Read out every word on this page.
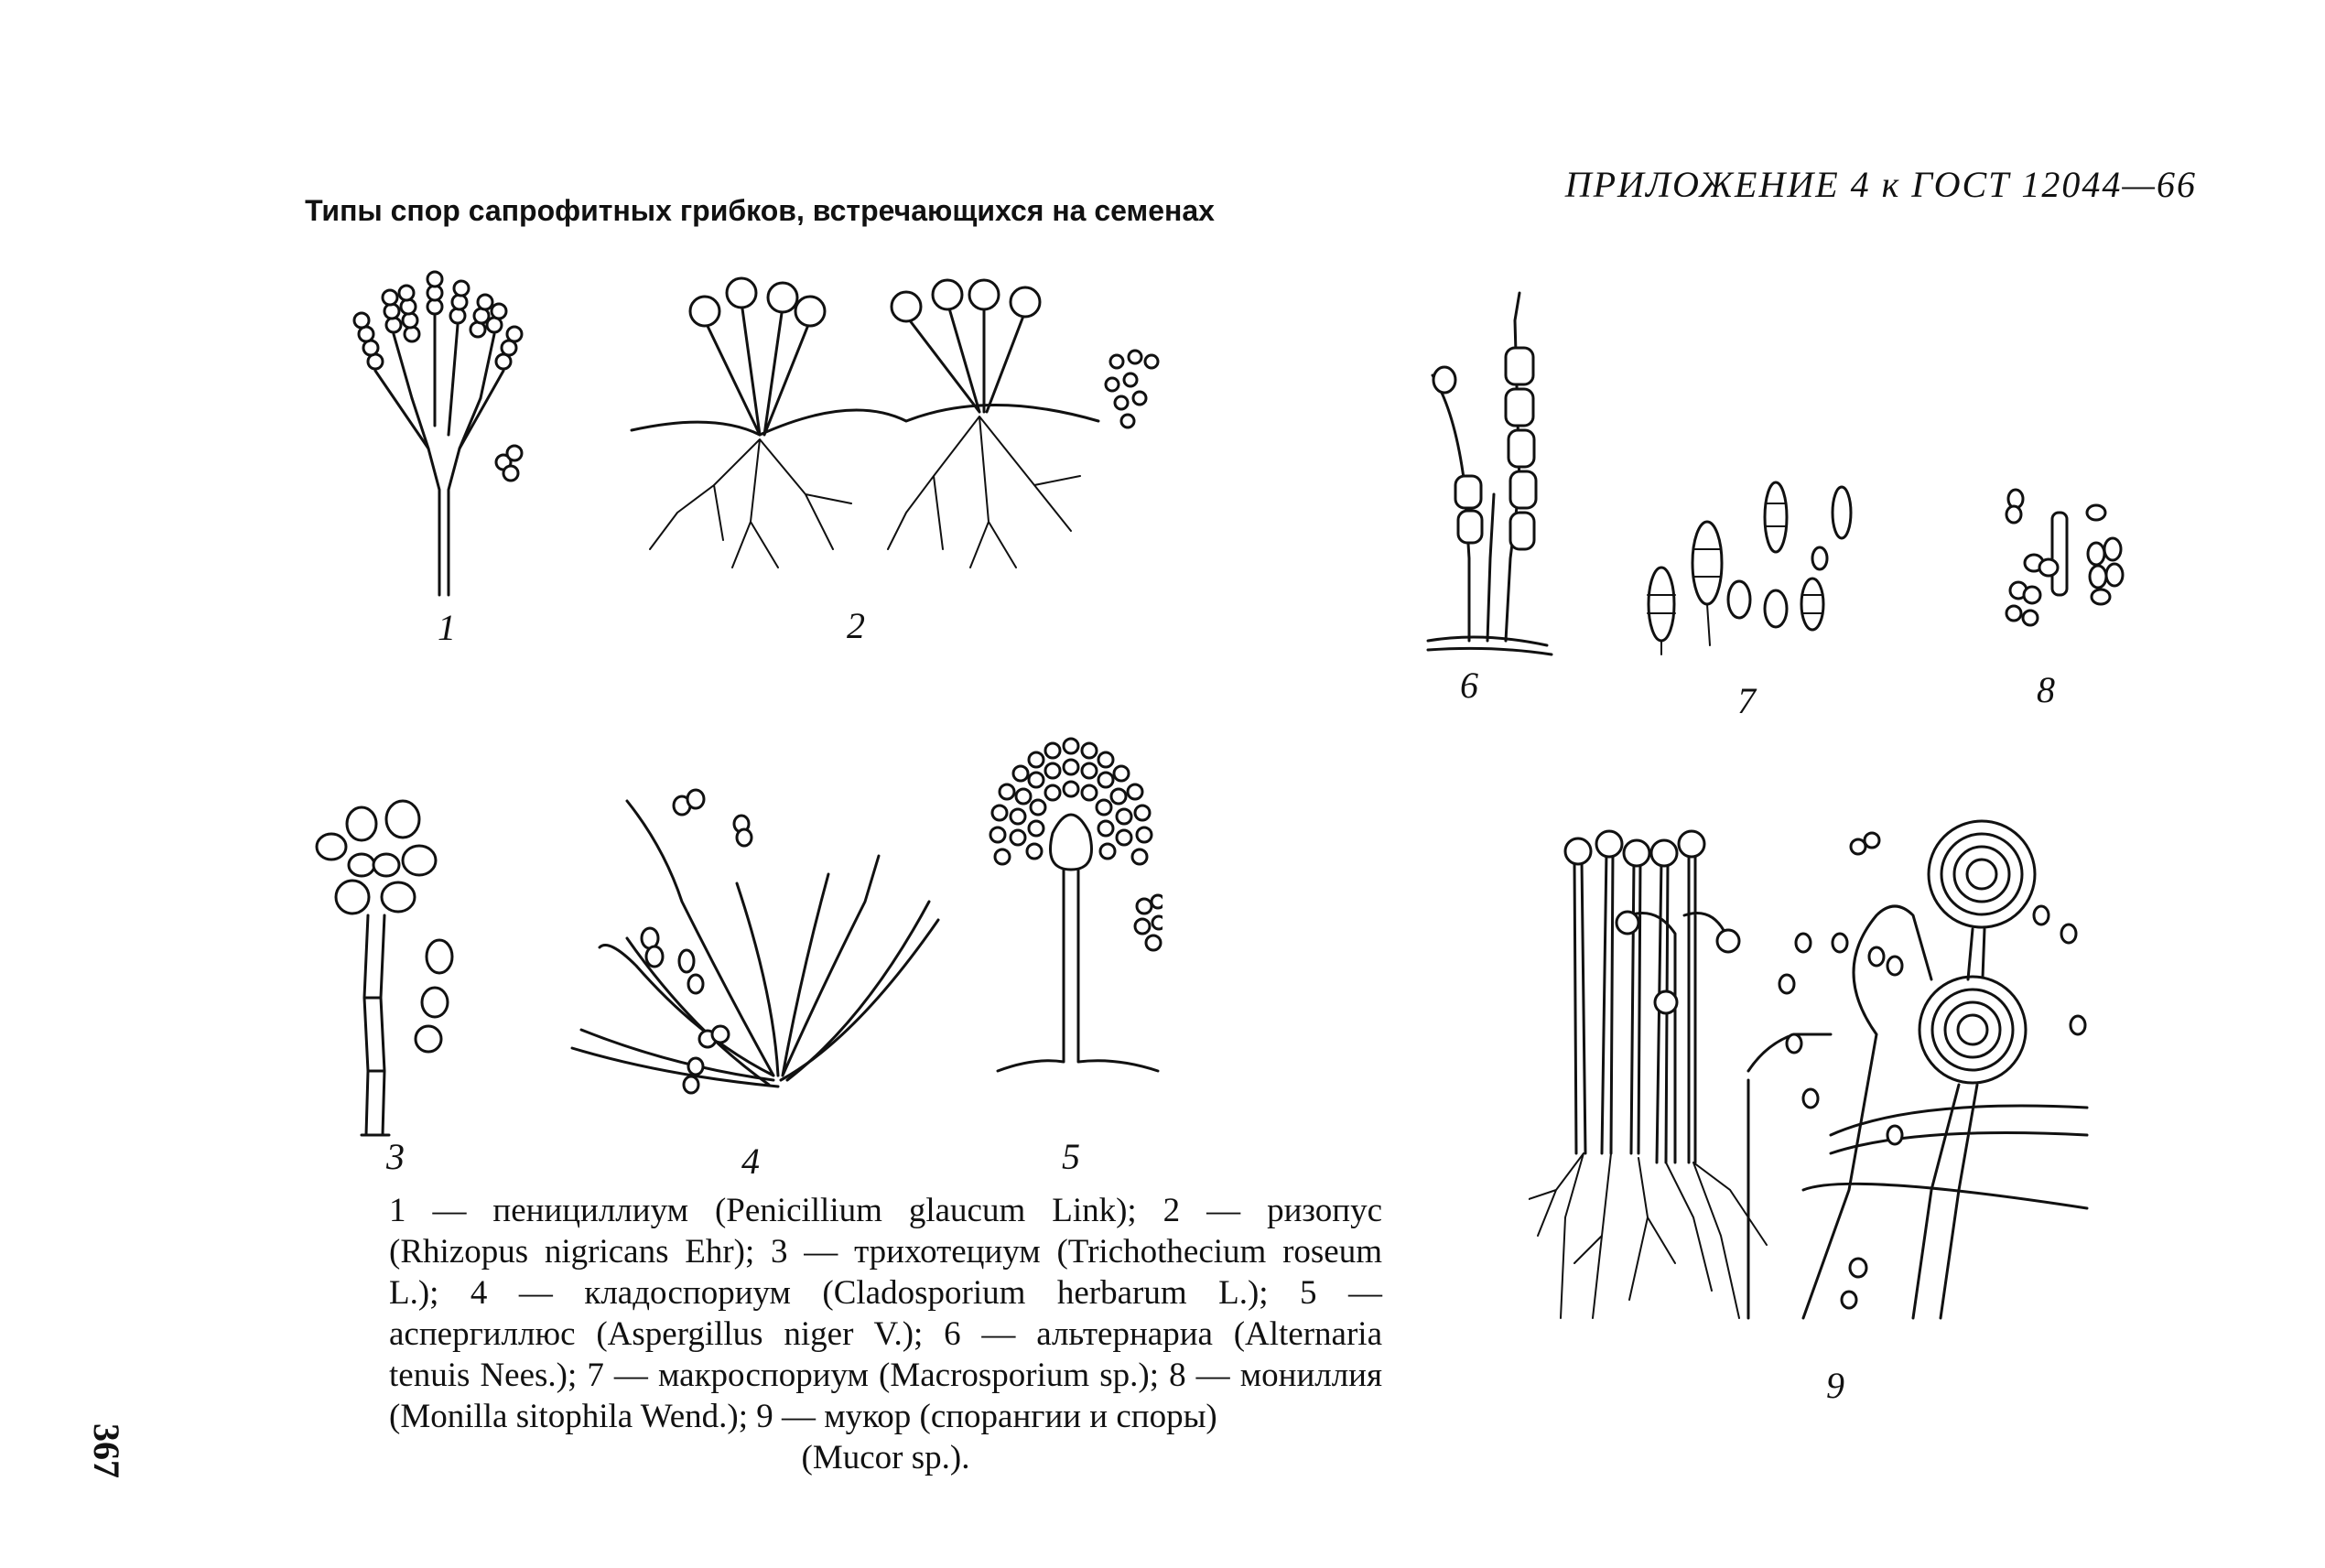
ПРИЛОЖЕНИЕ 4 к ГОСТ 12044—66
Типы спор сапрофитных грибков, встречающихся на семенах
1	2
6	7	8
3	4	5
9

1 — пенициллиум (Penicillium glaucum Link); 2 — ризопус (Rhizopus nigricans Ehr); 3 — трихотециум (Trichothecium roseum L.); 4 — кладоспориум (Cladosporium herbarum L.); 5 — аспергиллюс (Aspergillus niger V.); 6 — альтернариа (Alternaria tenuis Nees.); 7 — макроспориум (Macrosporium sp.); 8 — мониллия (Monilla sitophila Wend.); 9 — мукор (спорангии и споры)

(Mucor sp.).

367
